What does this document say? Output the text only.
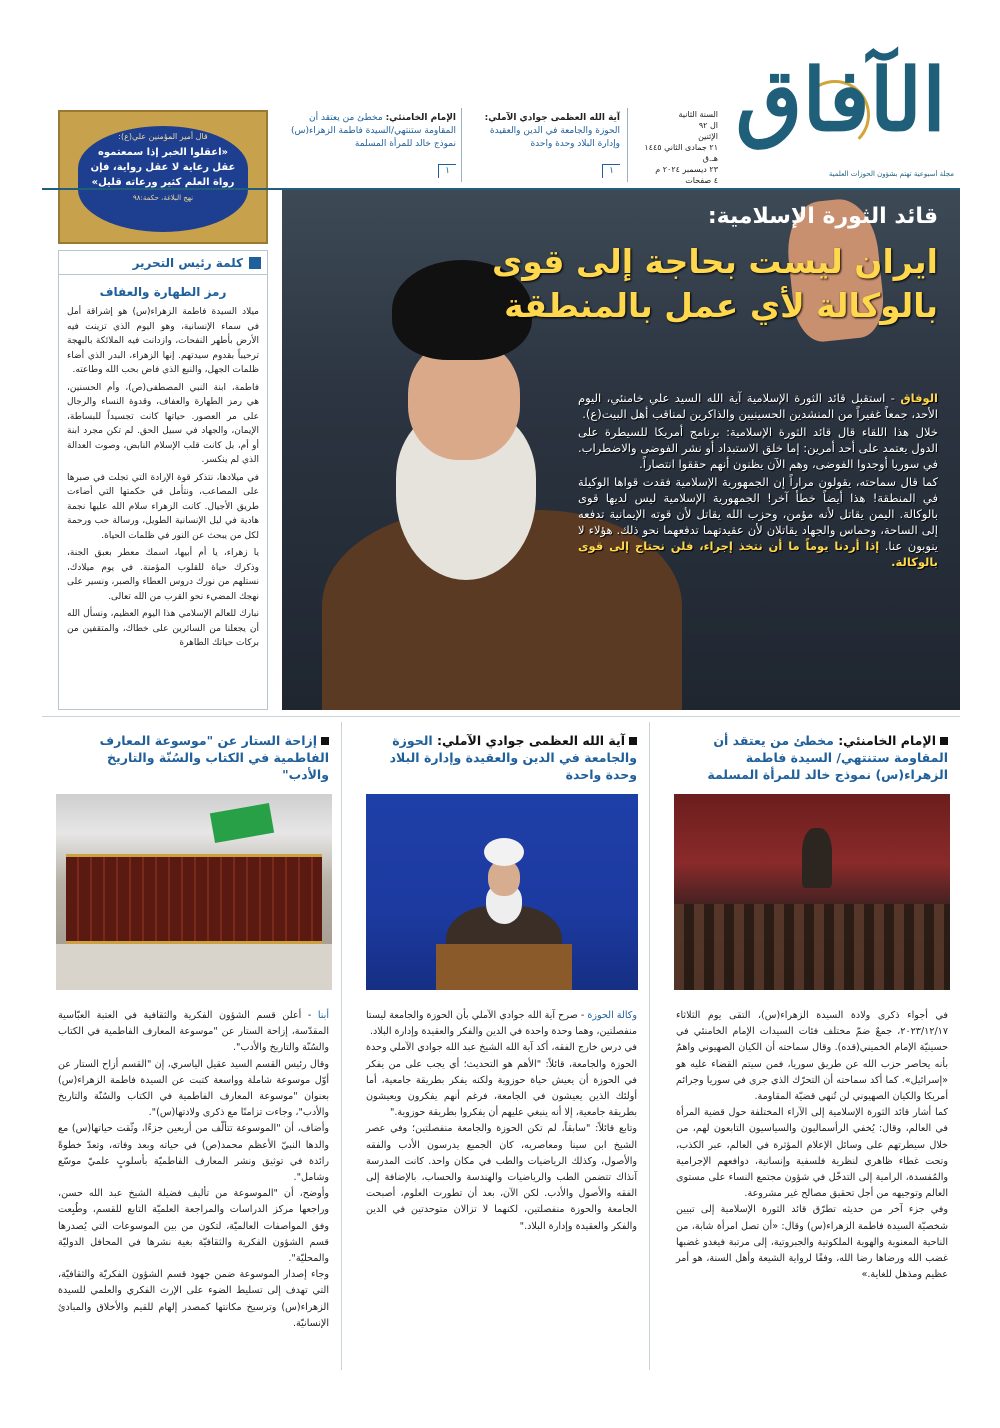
الآفاق
مجلة أسبوعية تهتم بشؤون الحوزات العلمية
السنة الثانية
ال ٩٢
الإثنين
٢١ جمادى الثاني ١٤٤٥ هـ.ق
٢٣ ديسمبر ٢٠٢٤ م
٤ صفحات
آية الله العظمى جوادي الآملي: الحوزة والجامعة في الدين والعقيدة وإدارة البلاد وحدة واحدة
١
الإمام الخامنئي: مخطئ من يعتقد أن المقاومة ستنتهي/السيدة فاطمة الزهراء(س) نموذج خالد للمرأة المسلمة
١
قال أمير المؤمنين علي(ع):
«اعقلوا الخبر إذا سمعتموه عقل رعاية لا عقل رواية، فإن رواة العلم كثير ورعاته قليل»
نهج البلاغة، حكمة:٩٨
قائد الثورة الإسلامية:
ايران ليست بحاجة إلى قوى بالوكالة لأي عمل بالمنطقة

الوفاق - استقبل قائد الثورة الإسلامية آية الله السيد علي خامنئي، اليوم الأحد، جمعاً غفيراً من المنشدين الحسينيين والذاكرين لمناقب أهل البيت(ع).

خلال هذا اللقاء قال قائد الثورة الإسلامية: برنامج أمريكا للسيطرة على الدول يعتمد على أحد أمرين: إما خلق الاستبداد أو نشر الفوضى والاضطراب. في سوريا أوجدوا الفوضى، وهم الآن يظنون أنهم حققوا انتصاراً.

كما قال سماحته، يقولون مراراً إن الجمهورية الإسلامية فقدت قواها الوكيلة في المنطقة! هذا أيضاً خطأ آخر! الجمهورية الإسلامية ليس لديها قوى بالوكالة. اليمن يقاتل لأنه مؤمن، وحزب الله يقاتل لأن قوته الإيمانية تدفعه إلى الساحة، وحماس والجهاد يقاتلان لأن عقيدتهما تدفعهما نحو ذلك. هؤلاء لا ينوبون عنا. إذا أردنا يوماً ما أن نتخذ إجراء، فلن نحتاج إلى قوى بالوكالة.

كلمة رئيس التحرير
رمز الطهارة والعفاف

ميلاد السيدة فاطمة الزهراء(س) هو إشراقة أمل في سماء الإنسانية، وهو اليوم الذي تزينت فيه الأرض بأطهر النفحات، وازدانت فيه الملائكة بالبهجة ترحيباً بقدوم سيدتهم. إنها الزهراء، البدر الذي أضاء ظلمات الجهل، والنبع الذي فاض بحب الله وطاعته.

فاطمة، ابنة النبي المصطفى(ص)، وأم الحسنين، هي رمز الطهارة والعفاف، وقدوة النساء والرجال على مر العصور. حياتها كانت تجسيداً للبساطة، الإيمان، والجهاد في سبيل الحق. لم تكن مجرد ابنة أو أم، بل كانت قلب الإسلام النابض، وصوت العدالة الذي لم ينكسر.

في ميلادها، نتذكر قوة الإرادة التي تجلت في صبرها على المصاعب، ونتأمل في حكمتها التي أضاءت طريق الأجيال. كانت الزهراء سلام الله عليها نجمة هادية في ليل الإنسانية الطويل، ورسالة حب ورحمة لكل من يبحث عن النور في ظلمات الحياة.

يا زهراء، يا أم أبيها، اسمك معطر بعبق الجنة، وذكرك حياة للقلوب المؤمنة. في يوم ميلادك، نستلهم من نورك دروس العطاء والصبر، ونسير على نهجك المضيء نحو القرب من الله تعالى.

نبارك للعالم الإسلامي هذا اليوم العظيم، ونسأل الله أن يجعلنا من السائرين على خطاك، والمتقفين من بركات حياتك الطاهرة

الإمام الخامنئي: مخطئ من يعتقد أن المقاومة ستنتهي/ السيدة فاطمة الزهراء(س) نموذج خالد للمرأة المسلمة

في أجواء ذكرى ولادة السيدة الزهراء(س)، التقى يوم الثلاثاء ٢٠٢٣/١٢/١٧، جمعٌ ضمّ مختلف فئات السيدات الإمام الخامنئي في حسينيّة الإمام الخميني(قده). وقال سماحته أن الكيان الصهيوني واهمٌ بأنه يحاصر حزب الله عن طريق سوريا، فمن سيتم القضاء عليه هو «إسرائيل». كما أكد سماحته أن التحرّك الذي جرى في سوريا وجرائم أمريكا والكيان الصهيوني لن تُنهي قضيّة المقاومة.

كما أشار قائد الثورة الإسلامية إلى الآراء المختلفة حول قضية المرأة في العالم، وقال: يُخفي الرأسماليون والسياسيون التابعون لهم، من خلال سيطرتهم على وسائل الإعلام المؤثرة في العالم، عبر الكذب، وتحت غطاء ظاهري لنظرية فلسفية وإنسانية، دوافعهم الإجرامية والمُفسدة، الرامية إلى التدخّل في شؤون مجتمع النساء على مستوى العالم وتوجيهه من أجل تحقيق مصالح غير مشروعة.

وفي جزء آخر من حديثه تطرّق قائد الثورة الإسلامية إلى تبيين شخصيّة السيدة فاطمة الزهراء(س) وقال: «أن تصل امرأة شابة، من الناحية المعنوية والهوية الملكوتية والجبروتية، إلى مرتبة فيغدو غضبها غضب الله ورضاها رضا الله، وفقًا لرواية الشيعة وأهل السنة، هو أمر عظيم ومذهل للغاية.»

آية الله العظمى جوادي الآملي: الحوزة والجامعة في الدين والعقيدة وإدارة البلاد وحدة واحدة

وكالة الحوزة - صرح آية الله جوادي الآملي بأن الحوزة والجامعة ليستا منفصلتين، وهما وحدة واحدة في الدين والفكر والعقيدة وإدارة البلاد.

في درس خارج الفقه، أكد آية الله الشيخ عبد الله جوادي الآملي وحدة الحوزة والجامعة، قائلاً: "الأهم هو التحديث؛ أي يجب على من يفكر في الحوزة أن يعيش حياة حوزوية ولكنه يفكر بطريقة جامعية، أما أولئك الذين يعيشون في الجامعة، فرغم أنهم يفكرون ويعيشون بطريقة جامعية، إلا أنه ينبغي عليهم أن يفكروا بطريقة حوزوية."

وتابع قائلاً: "سابقاً، لم تكن الحوزة والجامعة منفصلتين؛ وفي عصر الشيخ ابن سينا ومعاصريه، كان الجميع يدرسون الأدب والفقه والأصول، وكذلك الرياضيات والطب في مكان واحد. كانت المدرسة آنذاك تتضمن الطب والرياضيات والهندسة والحساب، بالإضافة إلى الفقه والأصول والأدب. لكن الآن، بعد أن تطورت العلوم، أصبحت الجامعة والحوزة منفصلتين، لكنهما لا تزالان متوحدتين في الدين والفكر والعقيدة وإدارة البلاد."

إزاحة الستار عن "موسوعة المعارف الفاطمية في الكتاب والسُنّة والتاريخ والأدب"

أبنا - أعلن قسم الشؤون الفكرية والثقافية في العتبة العبّاسية المقدّسة، إزاحة الستار عن "موسوعة المعارف الفاطمية في الكتاب والسُنّة والتاريخ والأدب".

وقال رئيس القسم السيد عقيل الياسري، إن "القسم أزاح الستار عن أوّل موسوعة شاملة وواسعة كتبت عن السيدة فاطمة الزهراء(س) بعنوان "موسوعة المعارف الفاطمية في الكتاب والسُنّة والتاريخ والأدب"، وجاءت تزامنًا مع ذكرى ولادتها(س)".

وأضاف، أن "الموسوعة تتألّف من أربعين جزءًا، وثّقت حياتها(س) مع والدها النبيّ الأعظم محمد(ص) في حياته وبعد وفاته، وتعدّ خطوةً رائدة في توثيق ونشر المعارف الفاطميّة بأسلوبٍ علميّ موسّع وشامل".

وأوضح، أن "الموسوعة من تأليف فضيلة الشيخ عبد الله حسن، وراجعها مركز الدراسات والمراجعة العلميّة التابع للقسم، وطُبِعت وفق المواصفات العالميّة، لتكون من بين الموسوعات التي يُصدرها قسم الشؤون الفكرية والثقافيّة بغية نشرها في المحافل الدوليّة والمحليّة".

وجاء إصدار الموسوعة ضمن جهود قسم الشؤون الفكريّة والثقافيّة، التي تهدف إلى تسليط الضوء على الإرث الفكري والعلمي للسيدة الزهراء(س) وترسيخ مكانتها كمصدر إلهام للقيم والأخلاق والمبادئ الإنسانيّة.
